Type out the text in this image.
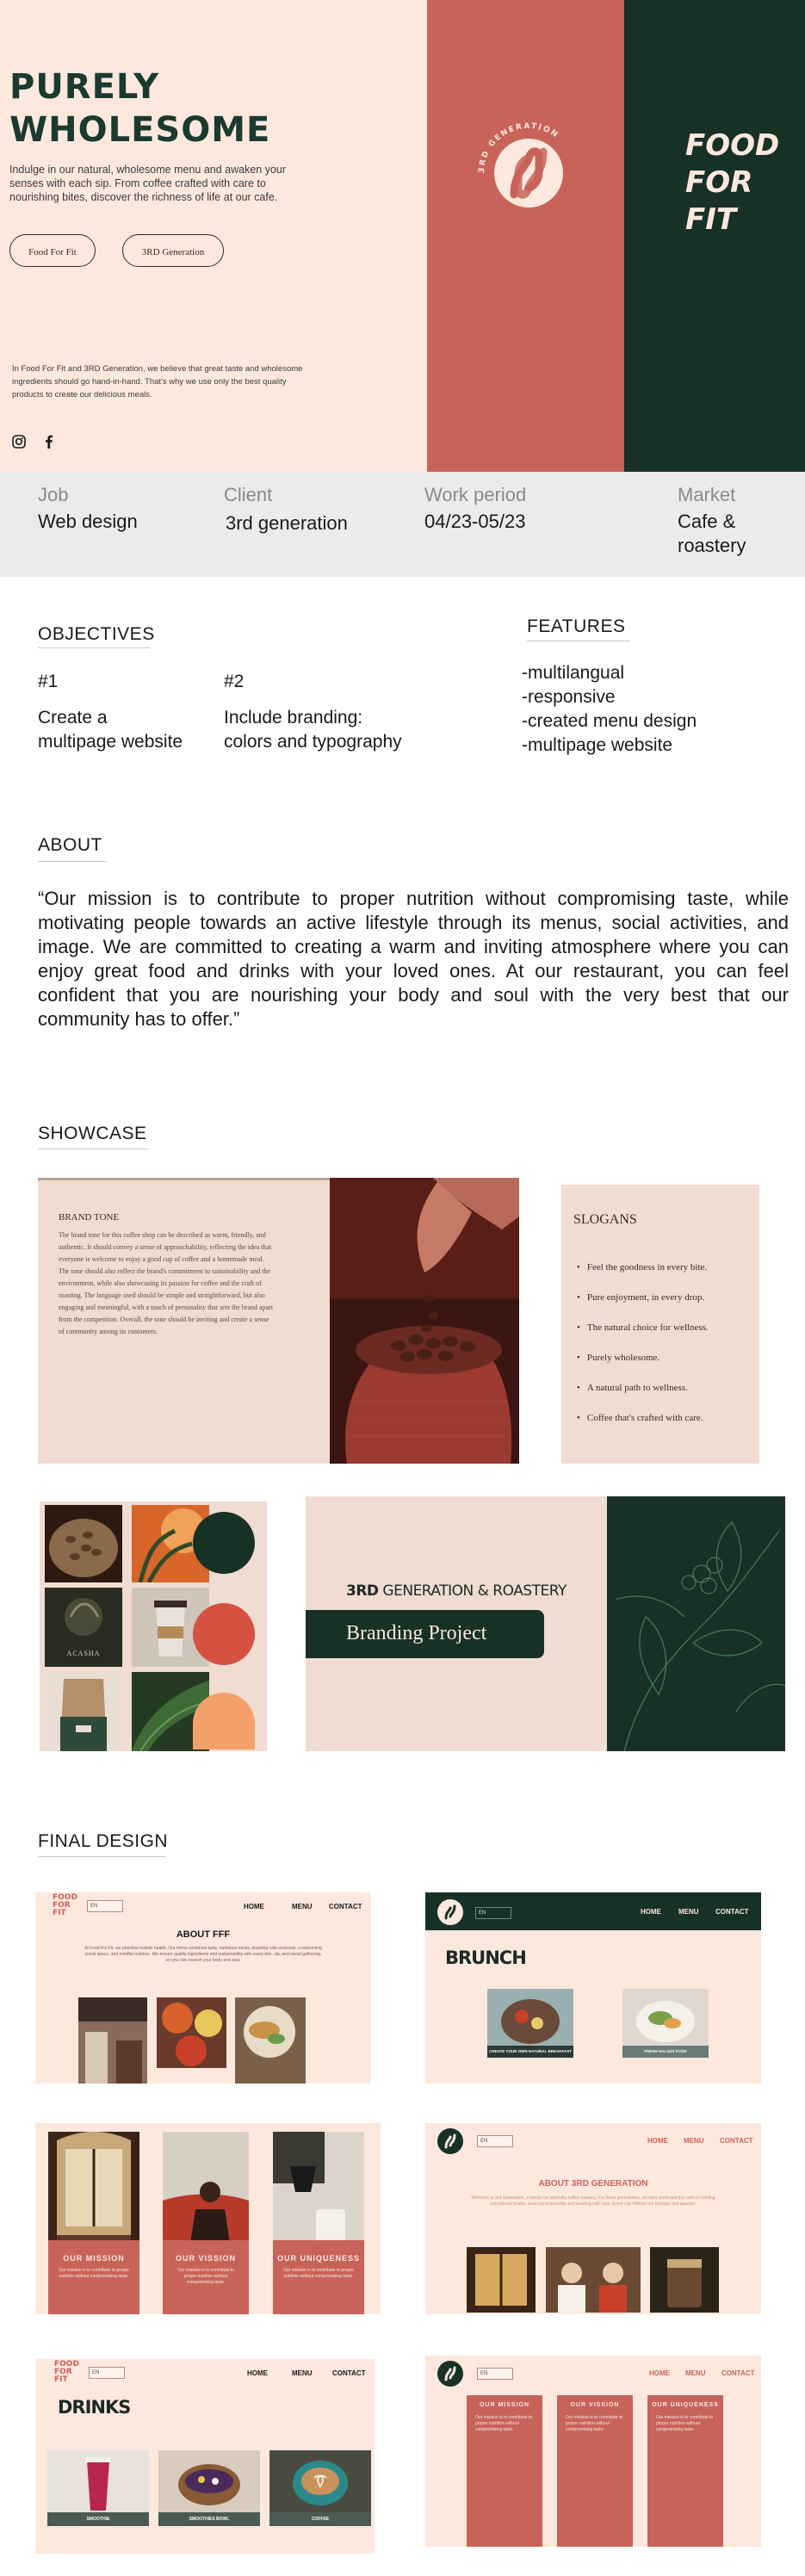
PURELY
WHOLESOME

Indulge in our natural, wholesome menu and awaken your senses with each sip. From coffee crafted with care to nourishing bites, discover the richness of life at our cafe.

Food For Fit	3RD Generation

In Food For Fit and 3RD Generation, we believe that great taste and wholesome ingredients should go hand-in-hand. That's why we use only the best quality products to create our delicious meals.

3RD GENERATION	FOOD
FOR
FIT

Job
Web design
Client
3rd generation
Work period
04/23-05/23
Market
Cafe &
roastery
OBJECTIVES
#1
Create a
multipage website
#2
Include branding:
colors and typography
FEATURES
-multilangual
-responsive
-created menu design
-multipage website
ABOUT

“Our mission is to contribute to proper nutrition without compromising taste, while motivating people towards an active lifestyle through its menus, social activities, and image. We are committed to creating a warm and inviting atmosphere where you can enjoy great food and drinks with your loved ones. At our restaurant, you can feel confident that you are nourishing your body and soul with the very best that our community has to offer.”

SHOWCASE
BRAND TONE
The brand tone for this coffee shop can be described as warm, friendly, and authentic. It should convey a sense of approachability, reflecting the idea that everyone is welcome to enjoy a good cup of coffee and a homemade meal. The tone should also reflect the brand's commitment to sustainability and the environment, while also showcasing its passion for coffee and the craft of roasting. The language used should be simple and straightforward, but also engaging and meaningful, with a touch of personality that sets the brand apart from the competition. Overall, the tone should be inviting and create a sense of community among its customers.
SLOGANS
• Feel the goodness in every bite.
• Pure enjoyment, in every drop.
• The natural choice for wellness.
• Purely wholesome.
• A natural path to wellness.
• Coffee that's crafted with care.
ACASHA
3RD GENERATION & ROASTERY
Branding Project
FINAL DESIGN
FOOD
FOR
FIT
EN	HOME	MENU CONTACT
ABOUT FFF
At Food For Fit, we prioritize holistic health. Our menu combines tasty, nutritious meals, inspiring cafe workouts, a welcoming social space, and mindful routines. We ensure quality ingredients and sustainability with every bite, sip, and social gathering, so you can nourish your body and soul.
EN	HOME	MENU CONTACT
BRUNCH
CREATE YOUR OWN NATURAL BREAKFAST	FRESH SALADS FOOD
OUR MISSION
Our mission is to contribute to proper nutrition without compromising taste.
OUR VISSION
Our mission is to contribute to proper nutrition without compromising taste.
OUR UNIQUENESS
Our mission is to contribute to proper nutrition without compromising taste.
EN	HOME MENU CONTACT
ABOUT 3RD GENERATION
Welcome to 3rd Generation, a family-run specialty coffee roastery. For three generations, we have perfected the craft of roasting exceptional beans, sourcing responsibly and brewing with care. Every cup reflects our heritage and passion.
FOOD
FOR
FIT
EN	HOME	MENU	CONTACT
DRINKS
SMOOTHIE	SMOOTHIES BOWL	COFFEE
EN	HOME MENU CONTACT
OUR MISSION
Our mission is to contribute to proper nutrition without compromising taste.
OUR VISSION
Our mission is to contribute to proper nutrition without compromising taste.
OUR UNIQUENESS
Our mission is to contribute to proper nutrition without compromising taste.
